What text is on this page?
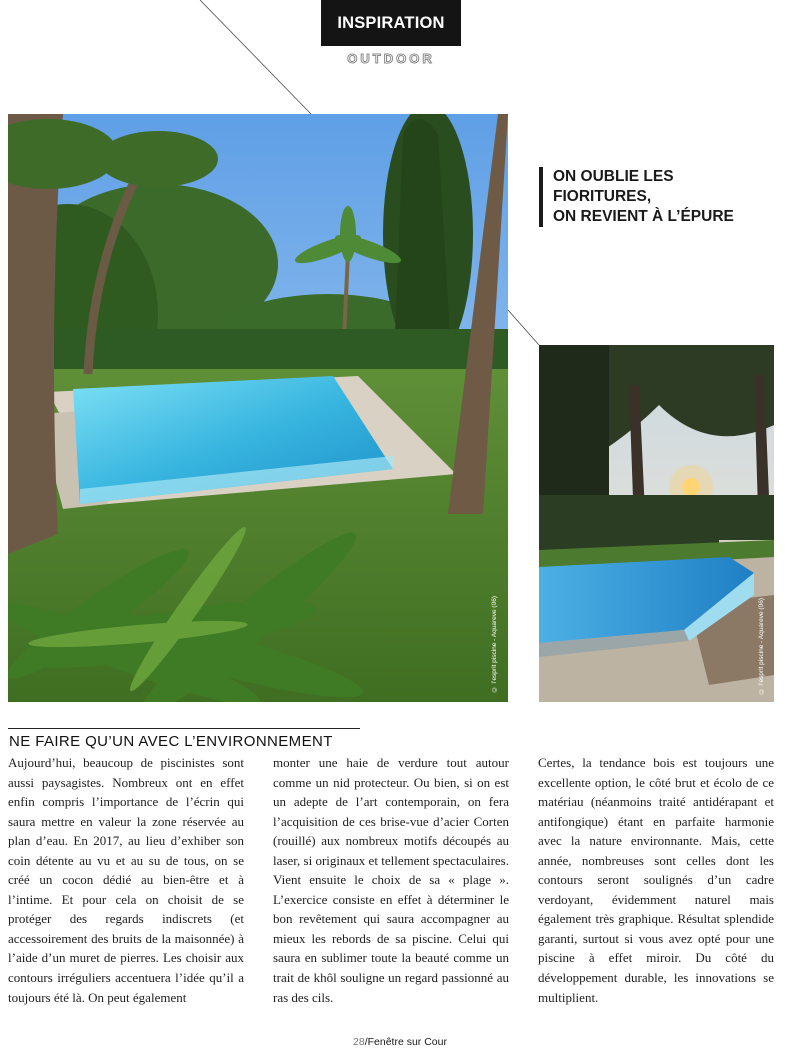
INSPIRATION
OUTDOOR
ON OUBLIE LES
FIORITURES,
ON REVIENT À L’ÉPURE
© l’esprit piscine - Aquareve (06)	© l’esprit piscine - Aquareve (06)
NE FAIRE QU’UN AVEC L’ENVIRONNEMENT

Aujourd’hui, beaucoup de piscinistes sont aussi paysagistes. Nombreux ont en effet enfin compris l’importance de l’écrin qui saura mettre en valeur la zone réservée au plan d’eau. En 2017, au lieu d’exhiber son coin détente au vu et au su de tous, on se créé un cocon dédié au bien-être et à l’intime. Et pour cela on choisit de se protéger des regards indiscrets (et accessoirement des bruits de la maisonnée) à l’aide d’un muret de pierres. Les choisir aux contours irréguliers accentuera l’idée qu’il a toujours été là. On peut également

monter une haie de verdure tout autour comme un nid protecteur. Ou bien, si on est un adepte de l’art contemporain, on fera l’acquisition de ces brise-vue d’acier Corten (rouillé) aux nombreux motifs découpés au laser, si originaux et tellement spectaculaires. Vient ensuite le choix de sa « plage ». L’exercice consiste en effet à déterminer le bon revêtement qui saura accompagner au mieux les rebords de sa piscine. Celui qui saura en sublimer toute la beauté comme un trait de khôl souligne un regard passionné au ras des cils.

Certes, la tendance bois est toujours une excellente option, le côté brut et écolo de ce matériau (néanmoins traité antidérapant et antifongique) étant en parfaite harmonie avec la nature environnante. Mais, cette année, nombreuses sont celles dont les contours seront soulignés d’un cadre verdoyant, évidemment naturel mais également très graphique. Résultat splendide garanti, surtout si vous avez opté pour une piscine à effet miroir. Du côté du développement durable, les innovations se multiplient.

28/Fenêtre sur Cour
